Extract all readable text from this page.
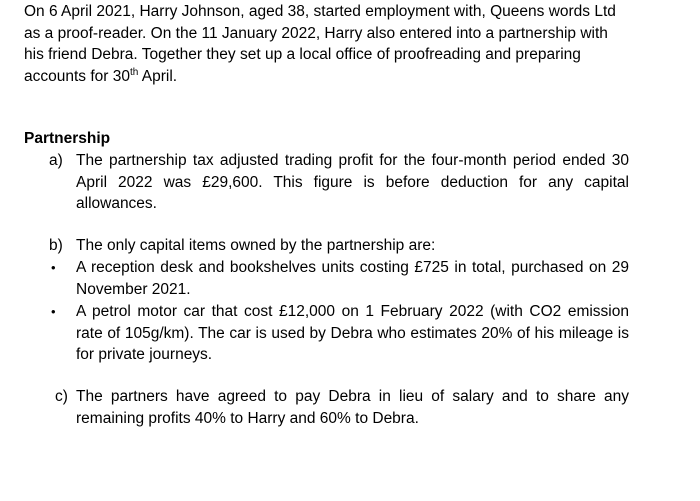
On 6 April 2021, Harry Johnson, aged 38, started employment with, Queens words Ltd as a proof-reader. On the 11 January 2022, Harry also entered into a partnership with his friend Debra. Together they set up a local office of proofreading and preparing accounts for 30th April.

Partnership

a) The partnership tax adjusted trading profit for the four-month period ended 30 April 2022 was £29,600. This figure is before deduction for any capital allowances.
b) The only capital items owned by the partnership are:
• A reception desk and bookshelves units costing £725 in total, purchased on 29 November 2021.
• A petrol motor car that cost £12,000 on 1 February 2022 (with CO2 emission rate of 105g/km). The car is used by Debra who estimates 20% of his mileage is for private journeys.
c) The partners have agreed to pay Debra in lieu of salary and to share any remaining profits 40% to Harry and 60% to Debra.
